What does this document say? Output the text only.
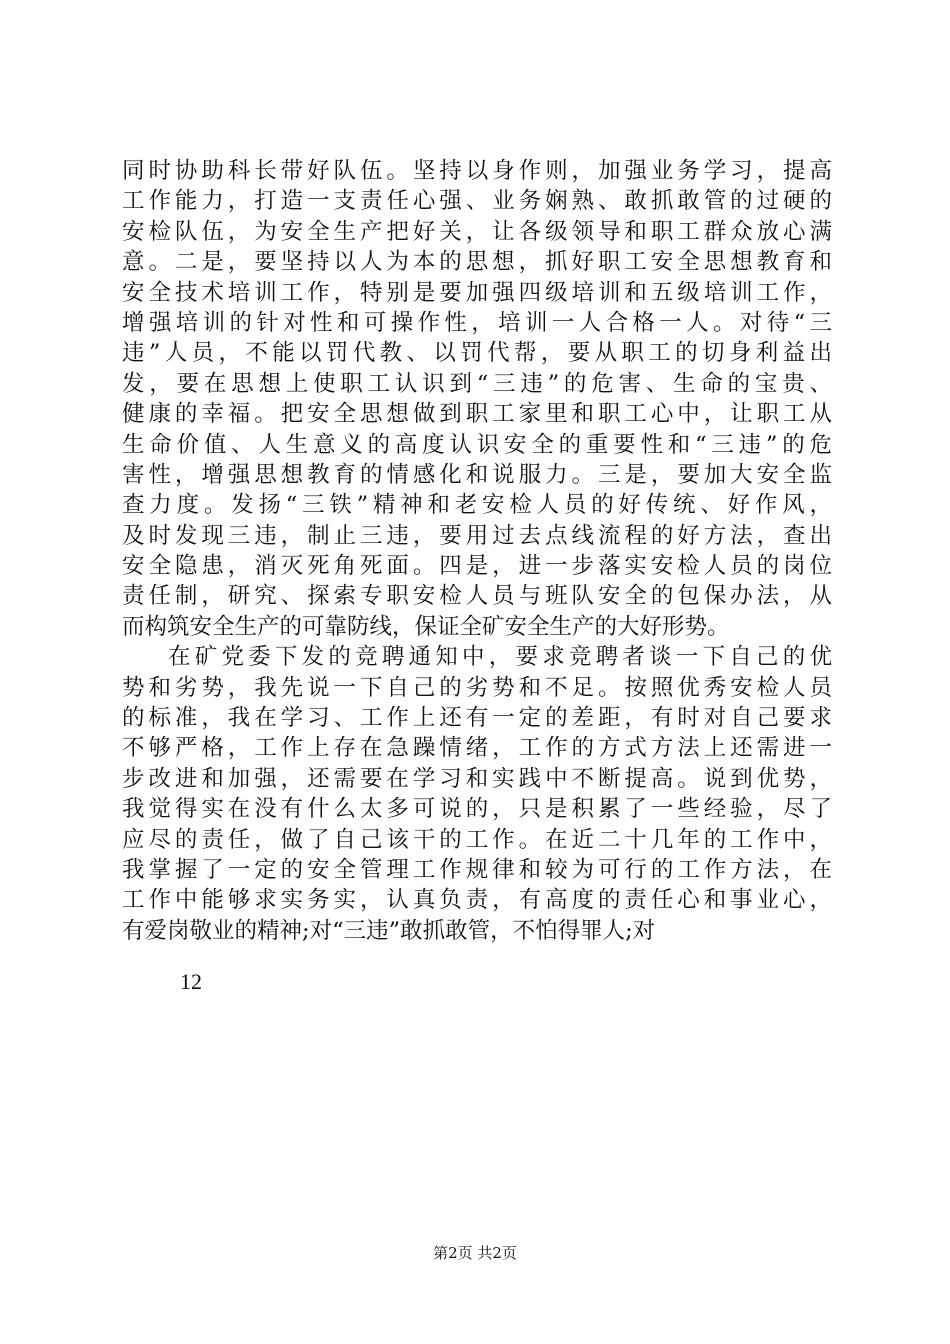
同时协助科长带好队伍。坚持以身作则，加强业务学习，提高
工作能力，打造一支责任心强、业务娴熟、敢抓敢管的过硬的
安检队伍，为安全生产把好关，让各级领导和职工群众放心满
意。二是，要坚持以人为本的思想，抓好职工安全思想教育和
安全技术培训工作，特别是要加强四级培训和五级培训工作，
增强培训的针对性和可操作性，培训一人合格一人。对待“三
违”人员，不能以罚代教、以罚代帮，要从职工的切身利益出
发，要在思想上使职工认识到“三违”的危害、生命的宝贵、
健康的幸福。把安全思想做到职工家里和职工心中，让职工从
生命价值、人生意义的高度认识安全的重要性和“三违”的危
害性，增强思想教育的情感化和说服力。三是，要加大安全监
查力度。发扬“三铁”精神和老安检人员的好传统、好作风，
及时发现三违，制止三违，要用过去点线流程的好方法，查出
安全隐患，消灭死角死面。四是，进一步落实安检人员的岗位
责任制，研究、探索专职安检人员与班队安全的包保办法，从
而构筑安全生产的可靠防线，保证全矿安全生产的大好形势。
在矿党委下发的竞聘通知中，要求竞聘者谈一下自己的优
势和劣势，我先说一下自己的劣势和不足。按照优秀安检人员
的标准，我在学习、工作上还有一定的差距，有时对自己要求
不够严格，工作上存在急躁情绪，工作的方式方法上还需进一
步改进和加强，还需要在学习和实践中不断提高。说到优势，
我觉得实在没有什么太多可说的，只是积累了一些经验，尽了
应尽的责任，做了自己该干的工作。在近二十几年的工作中，
我掌握了一定的安全管理工作规律和较为可行的工作方法，在
工作中能够求实务实，认真负责，有高度的责任心和事业心，
有爱岗敬业的精神;对“三违”敢抓敢管，不怕得罪人;对
12
第2页 共2页
